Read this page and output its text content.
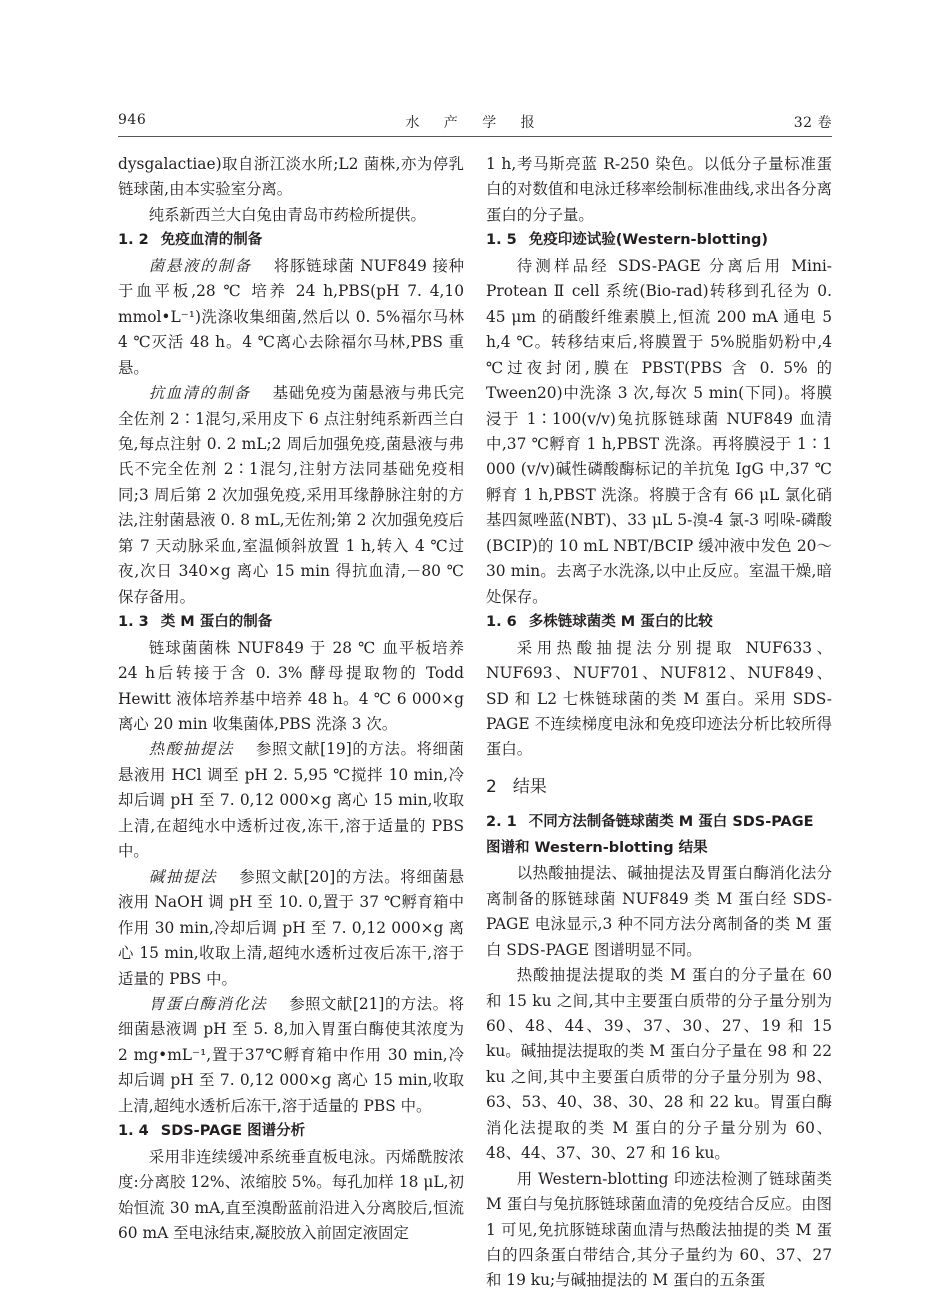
946	水 产 学 报	32 卷

dysgalactiae)取自浙江淡水所;L2 菌株,亦为停乳链球菌,由本实验室分离。

纯系新西兰大白兔由青岛市药检所提供。

1. 2 免疫血清的制备

菌悬液的制备 将豚链球菌 NUF849 接种于血平板,28 ℃ 培养 24 h,PBS(pH 7. 4,10 mmol•L⁻¹)洗涤收集细菌,然后以 0. 5%福尔马林 4 ℃灭活 48 h。4 ℃离心去除福尔马林,PBS 重悬。

抗血清的制备 基础免疫为菌悬液与弗氏完全佐剂 2∶1混匀,采用皮下 6 点注射纯系新西兰白兔,每点注射 0. 2 mL;2 周后加强免疫,菌悬液与弗氏不完全佐剂 2∶1混匀,注射方法同基础免疫相同;3 周后第 2 次加强免疫,采用耳缘静脉注射的方法,注射菌悬液 0. 8 mL,无佐剂;第 2 次加强免疫后第 7 天动脉采血,室温倾斜放置 1 h,转入 4 ℃过夜,次日 340×g 离心 15 min 得抗血清,－80 ℃保存备用。

1. 3 类 M 蛋白的制备

链球菌菌株 NUF849 于 28 ℃ 血平板培养 24 h后转接于含 0. 3% 酵母提取物的 Todd Hewitt 液体培养基中培养 48 h。4 ℃ 6 000×g 离心 20 min 收集菌体,PBS 洗涤 3 次。

热酸抽提法 参照文献[19]的方法。将细菌悬液用 HCl 调至 pH 2. 5,95 ℃搅拌 10 min,冷却后调 pH 至 7. 0,12 000×g 离心 15 min,收取上清,在超纯水中透析过夜,冻干,溶于适量的 PBS 中。

碱抽提法 参照文献[20]的方法。将细菌悬液用 NaOH 调 pH 至 10. 0,置于 37 ℃孵育箱中作用 30 min,冷却后调 pH 至 7. 0,12 000×g 离心 15 min,收取上清,超纯水透析过夜后冻干,溶于适量的 PBS 中。

胃蛋白酶消化法 参照文献[21]的方法。将细菌悬液调 pH 至 5. 8,加入胃蛋白酶使其浓度为 2 mg•mL⁻¹,置于37℃孵育箱中作用 30 min,冷却后调 pH 至 7. 0,12 000×g 离心 15 min,收取上清,超纯水透析后冻干,溶于适量的 PBS 中。

1. 4 SDS-PAGE 图谱分析

采用非连续缓冲系统垂直板电泳。丙烯酰胺浓度:分离胶 12%、浓缩胶 5%。每孔加样 18 μL,初始恒流 30 mA,直至溴酚蓝前沿进入分离胶后,恒流 60 mA 至电泳结束,凝胶放入前固定液固定

1 h,考马斯亮蓝 R-250 染色。以低分子量标准蛋白的对数值和电泳迁移率绘制标准曲线,求出各分离蛋白的分子量。

1. 5 免疫印迹试验(Western-blotting)

待测样品经 SDS-PAGE 分离后用 Mini-Protean Ⅱ cell 系统(Bio-rad)转移到孔径为 0. 45 μm 的硝酸纤维素膜上,恒流 200 mA 通电 5 h,4 ℃。转移结束后,将膜置于 5%脱脂奶粉中,4 ℃过夜封闭,膜在 PBST(PBS 含 0. 5% 的 Tween20)中洗涤 3 次,每次 5 min(下同)。将膜浸于 1∶100(v/v)兔抗豚链球菌 NUF849 血清中,37 ℃孵育 1 h,PBST 洗涤。再将膜浸于 1∶1 000 (v/v)碱性磷酸酶标记的羊抗兔 IgG 中,37 ℃孵育 1 h,PBST 洗涤。将膜于含有 66 μL 氯化硝基四氮唑蓝(NBT)、33 μL 5-溴-4 氯-3 吲哚-磷酸(BCIP)的 10 mL NBT/BCIP 缓冲液中发色 20～30 min。去离子水洗涤,以中止反应。室温干燥,暗处保存。

1. 6 多株链球菌类 M 蛋白的比较

采用热酸抽提法分别提取 NUF633、NUF693、NUF701、NUF812、NUF849、SD 和 L2 七株链球菌的类 M 蛋白。采用 SDS-PAGE 不连续梯度电泳和免疫印迹法分析比较所得蛋白。

2 结果
2. 1 不同方法制备链球菌类 M 蛋白 SDS-PAGE 图谱和 Western-blotting 结果

以热酸抽提法、碱抽提法及胃蛋白酶消化法分离制备的豚链球菌 NUF849 类 M 蛋白经 SDS-PAGE 电泳显示,3 种不同方法分离制备的类 M 蛋白 SDS-PAGE 图谱明显不同。

热酸抽提法提取的类 M 蛋白的分子量在 60 和 15 ku 之间,其中主要蛋白质带的分子量分别为 60、48、44、39、37、30、27、19 和 15 ku。碱抽提法提取的类 M 蛋白分子量在 98 和 22 ku 之间,其中主要蛋白质带的分子量分别为 98、63、53、40、38、30、28 和 22 ku。胃蛋白酶消化法提取的类 M 蛋白的分子量分别为 60、48、44、37、30、27 和 16 ku。

用 Western-blotting 印迹法检测了链球菌类 M 蛋白与兔抗豚链球菌血清的免疫结合反应。由图 1 可见,免抗豚链球菌血清与热酸法抽提的类 M 蛋白的四条蛋白带结合,其分子量约为 60、37、27 和 19 ku;与碱抽提法的 M 蛋白的五条蛋
